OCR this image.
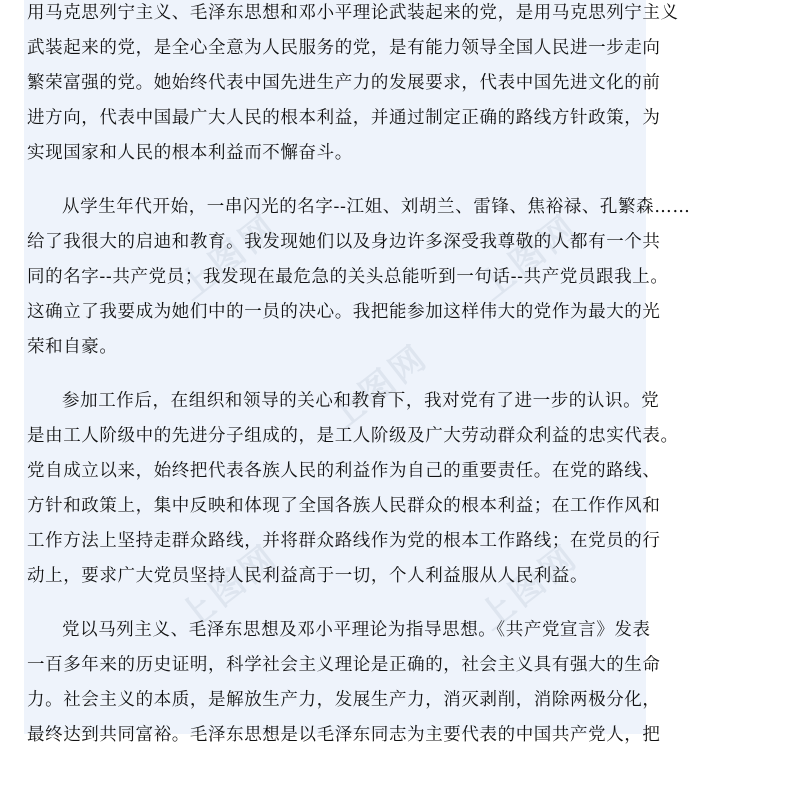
用马克思列宁主义、毛泽东思想和邓小平理论武装起来的党，是用马克思列宁主义
武装起来的党，是全心全意为人民服务的党，是有能力领导全国人民进一步走向
繁荣富强的党。她始终代表中国先进生产力的发展要求，代表中国先进文化的前
进方向，代表中国最广大人民的根本利益，并通过制定正确的路线方针政策，为
实现国家和人民的根本利益而不懈奋斗。
从学生年代开始，一串闪光的名字--江姐、刘胡兰、雷锋、焦裕禄、孔繁森……
给了我很大的启迪和教育。我发现她们以及身边许多深受我尊敬的人都有一个共
同的名字--共产党员；我发现在最危急的关头总能听到一句话--共产党员跟我上。
这确立了我要成为她们中的一员的决心。我把能参加这样伟大的党作为最大的光
荣和自豪。
参加工作后，在组织和领导的关心和教育下，我对党有了进一步的认识。党
是由工人阶级中的先进分子组成的，是工人阶级及广大劳动群众利益的忠实代表。
党自成立以来，始终把代表各族人民的利益作为自己的重要责任。在党的路线、
方针和政策上，集中反映和体现了全国各族人民群众的根本利益；在工作作风和
工作方法上坚持走群众路线，并将群众路线作为党的根本工作路线；在党员的行
动上，要求广大党员坚持人民利益高于一切，个人利益服从人民利益。
党以马列主义、毛泽东思想及邓小平理论为指导思想。《共产党宣言》发表
一百多年来的历史证明，科学社会主义理论是正确的，社会主义具有强大的生命
力。社会主义的本质，是解放生产力，发展生产力，消灭剥削，消除两极分化，
最终达到共同富裕。毛泽东思想是以毛泽东同志为主要代表的中国共产党人，把
